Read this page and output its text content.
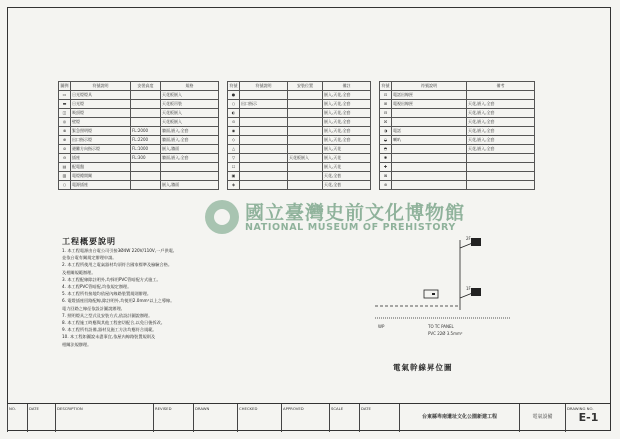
圖例	符號說明	安裝高度	規格
▭	日光燈燈具		天花板嵌入
▬	日光燈		天花板吊裝
◫	吸頂燈		天花板嵌入
◎	壁燈		天花板嵌入
⊗	緊急照明燈	FL:2000	牆面,嵌入,全套
⊕	出口指示燈	FL:2200	牆面,嵌入,全套
⊘	避難方向指示燈	FL:1000	嵌入,牆面
⊖	插座	FL:300	牆面,嵌入,全套
▤	配電盤		
▥	電燈總開關		
○	電源插座		嵌入,牆面
符號	符號說明	安裝位置	備註
●			嵌入,天花,全套
○	出口指示		嵌入,天花,全套
◐			嵌入,天花,全套
⊙			嵌入,天花,全套
◉			嵌入,天花,全套
◇			嵌入,天花,全套
△			嵌入,天花
▽		天花板嵌入	嵌入,天花
☐			嵌入,天花
▣			天花,全套
◈			天花,全套
符號	符號說明	備考
⊡	電話出線匣	
⊞	電視出線匣	天花,嵌入,全套
⊟		天花,嵌入,全套
☒		天花,嵌入,全套
◑	電話	天花,嵌入,全套
◒	喇叭	天花,嵌入,全套
◓		天花,嵌入,全套
✱		
✚		
⊠		
⊛		
國立臺灣史前文化博物館
NATIONAL MUSEUM OF PREHISTORY
工程概要說明
1. 本工程電源由台電公司引接3Ø4W 220V/110V,一戶供電,
並依台電有關規定辦理申請。
2. 本工程所使用之電氣器材均須符合國家標準及檢驗合格。
及相關規範辦理。
3. 本工程配線除註明外,均採用PVC管暗配方式施工。
4. 本工程PVC管暗配,均依規定辦理。
5. 本工程所有接地均依屋內線路裝置規則辦理。
6. 電燈插座回路配線,除註明外,均使用2.0mm²以上之導線。
電力回路之線徑依設計圖說辦理。
7. 照明燈具之型式及安裝方式,依設計圖說辦理。
8. 本工程施工時應與其他工程密切配合,以免日後拆改。
9. 本工程所有設備,器材及施工方法均應符合規範。
10. 本工程如圖說未盡事宜,依屋內線路裝置規則及
相關法規辦理。
2F
1F
TO TC PANEL
PVC 22Ø 3.5mm²
WP
電氣幹線昇位圖
NO.	DATE	DESCRIPTION	REVISED	DRAWN	CHECKED	APPROVED	SCALE	DATE
台東縣卑南遺址文化公園新建工程	電氣設備
DRAWING NO.
E-1
